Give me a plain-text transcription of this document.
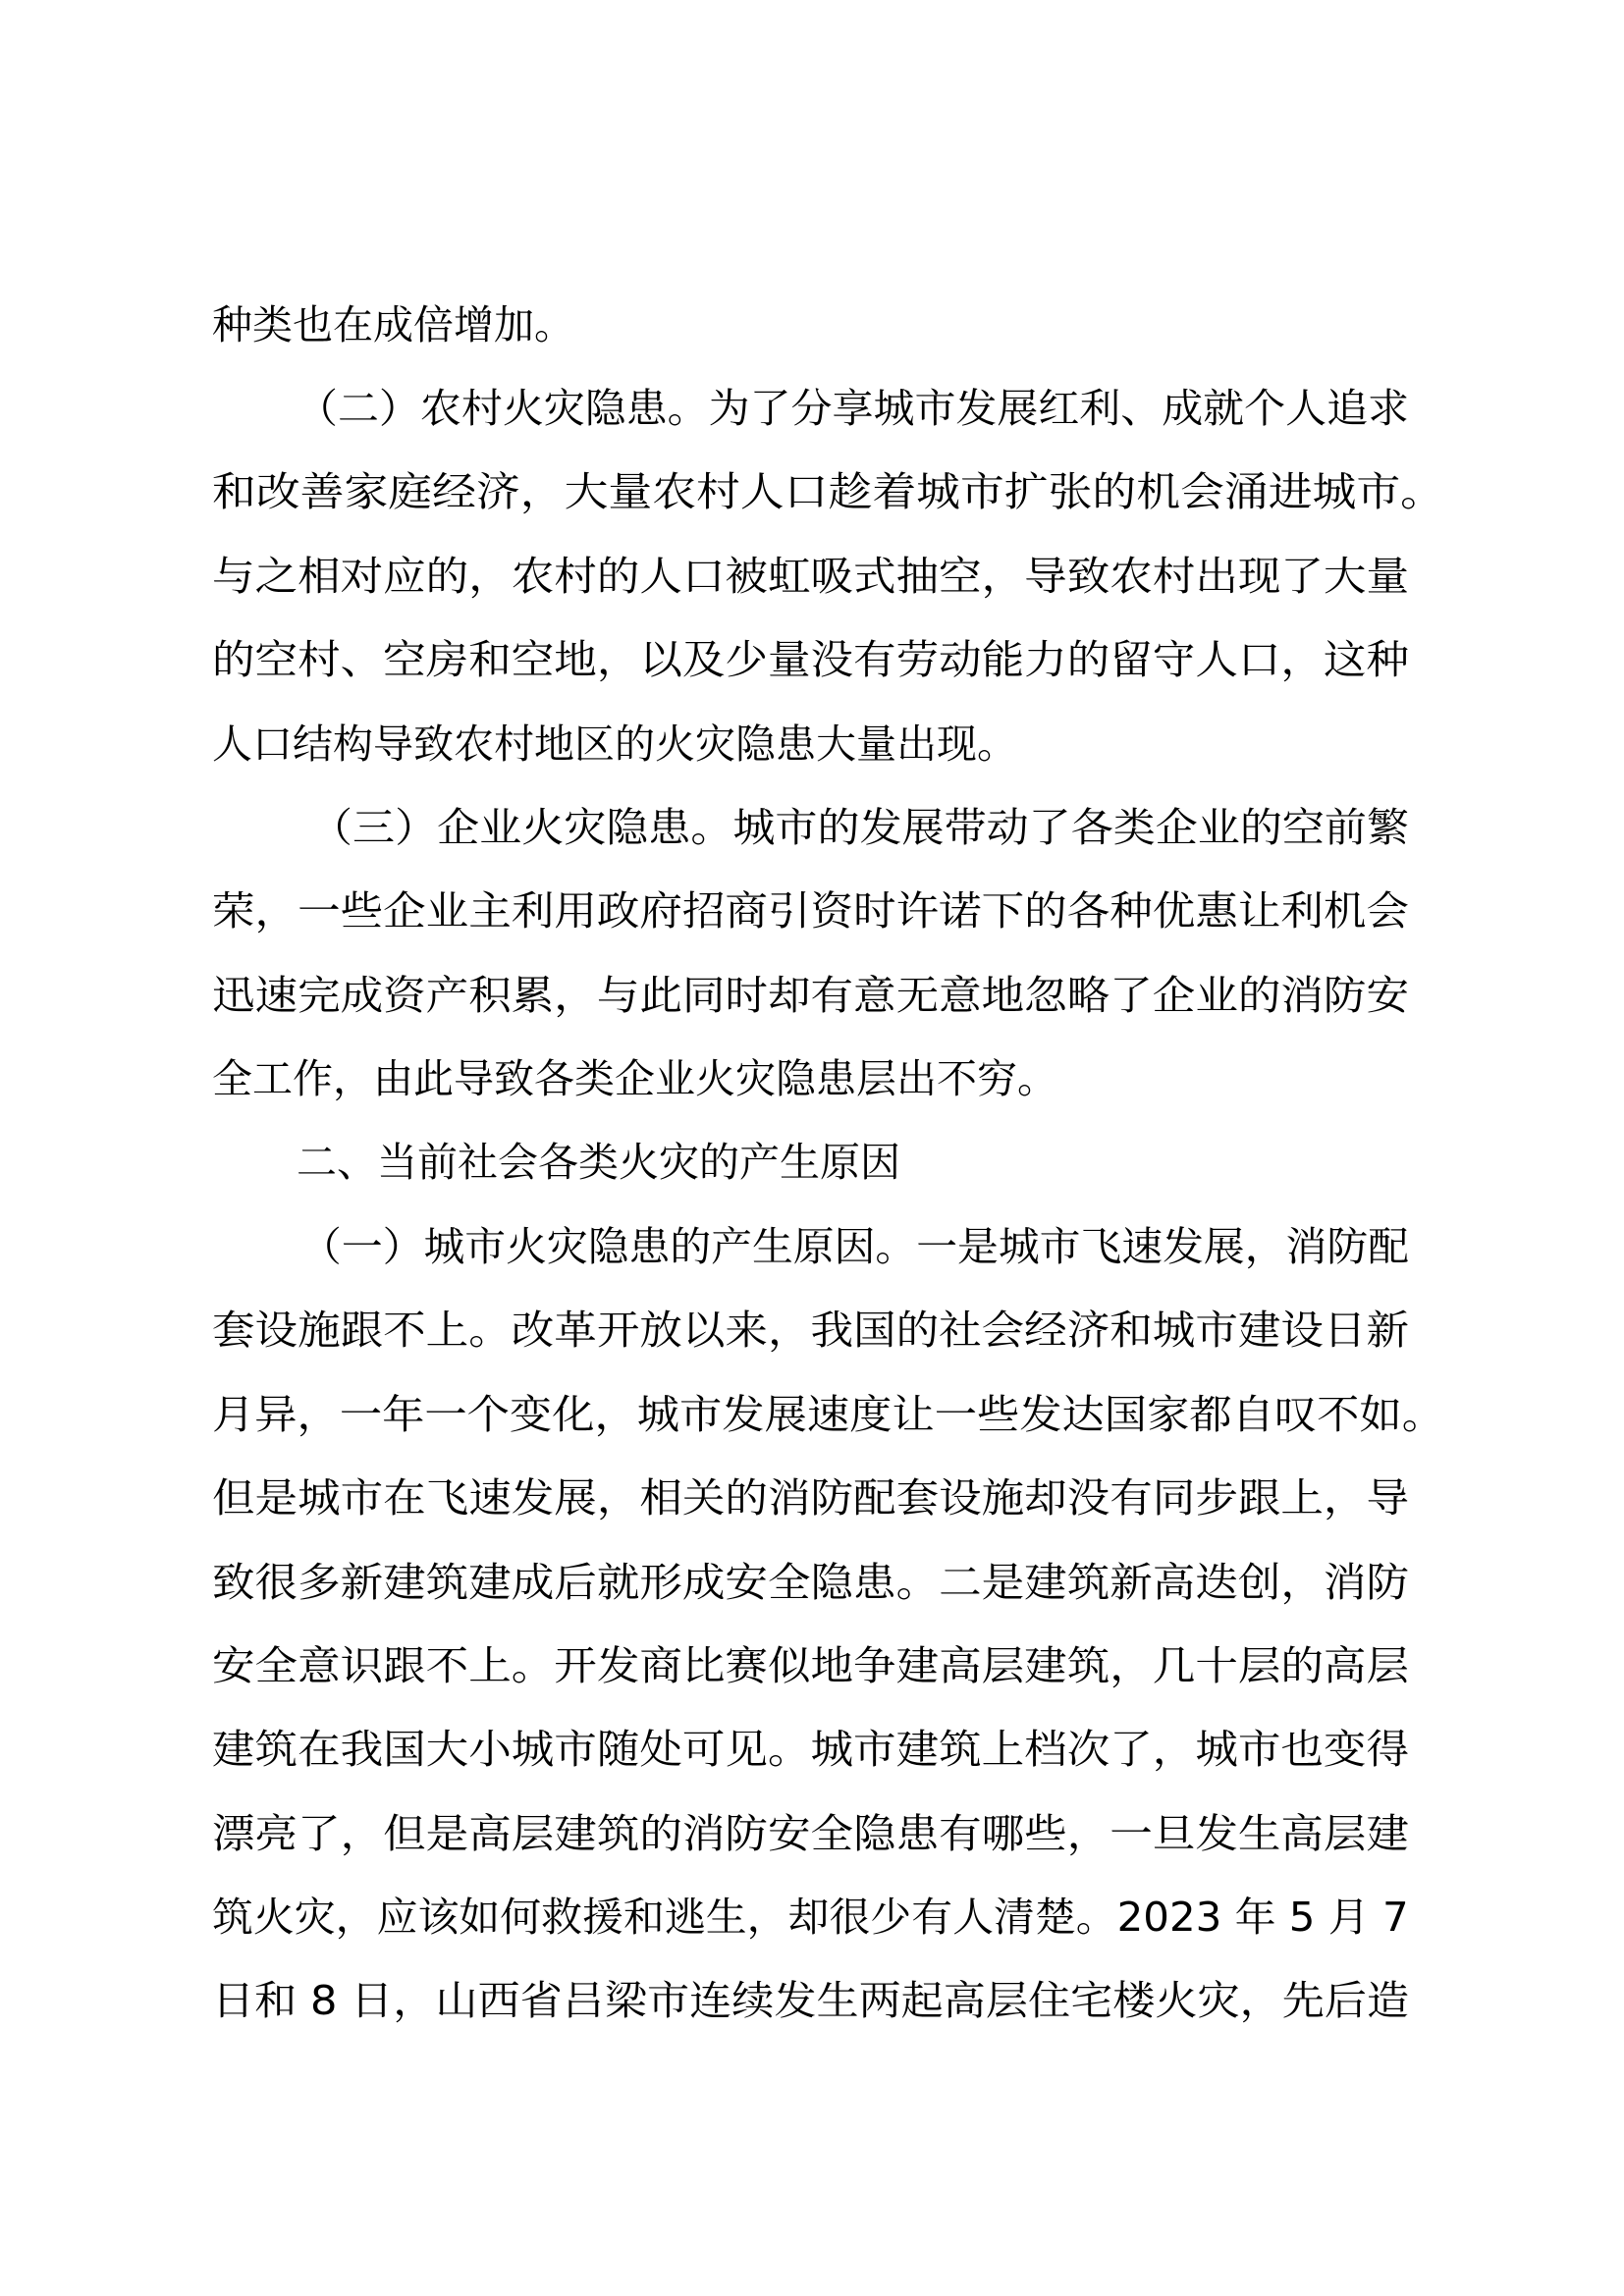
种类也在成倍增加。
（二）农村火灾隐患。为了分享城市发展红利、成就个人追求
和改善家庭经济，大量农村人口趁着城市扩张的机会涌进城市。
与之相对应的，农村的人口被虹吸式抽空，导致农村出现了大量
的空村、空房和空地，以及少量没有劳动能力的留守人口，这种
人口结构导致农村地区的火灾隐患大量出现。
（三）企业火灾隐患。城市的发展带动了各类企业的空前繁
荣，一些企业主利用政府招商引资时许诺下的各种优惠让利机会
迅速完成资产积累，与此同时却有意无意地忽略了企业的消防安
全工作，由此导致各类企业火灾隐患层出不穷。
二、当前社会各类火灾的产生原因
（一）城市火灾隐患的产生原因。一是城市飞速发展，消防配
套设施跟不上。改革开放以来，我国的社会经济和城市建设日新
月异，一年一个变化，城市发展速度让一些发达国家都自叹不如。
但是城市在飞速发展，相关的消防配套设施却没有同步跟上，导
致很多新建筑建成后就形成安全隐患。二是建筑新高迭创，消防
安全意识跟不上。开发商比赛似地争建高层建筑，几十层的高层
建筑在我国大小城市随处可见。城市建筑上档次了，城市也变得
漂亮了，但是高层建筑的消防安全隐患有哪些，一旦发生高层建
筑火灾，应该如何救援和逃生，却很少有人清楚。2023 年 5 月 7
日和 8 日，山西省吕梁市连续发生两起高层住宅楼火灾，先后造
